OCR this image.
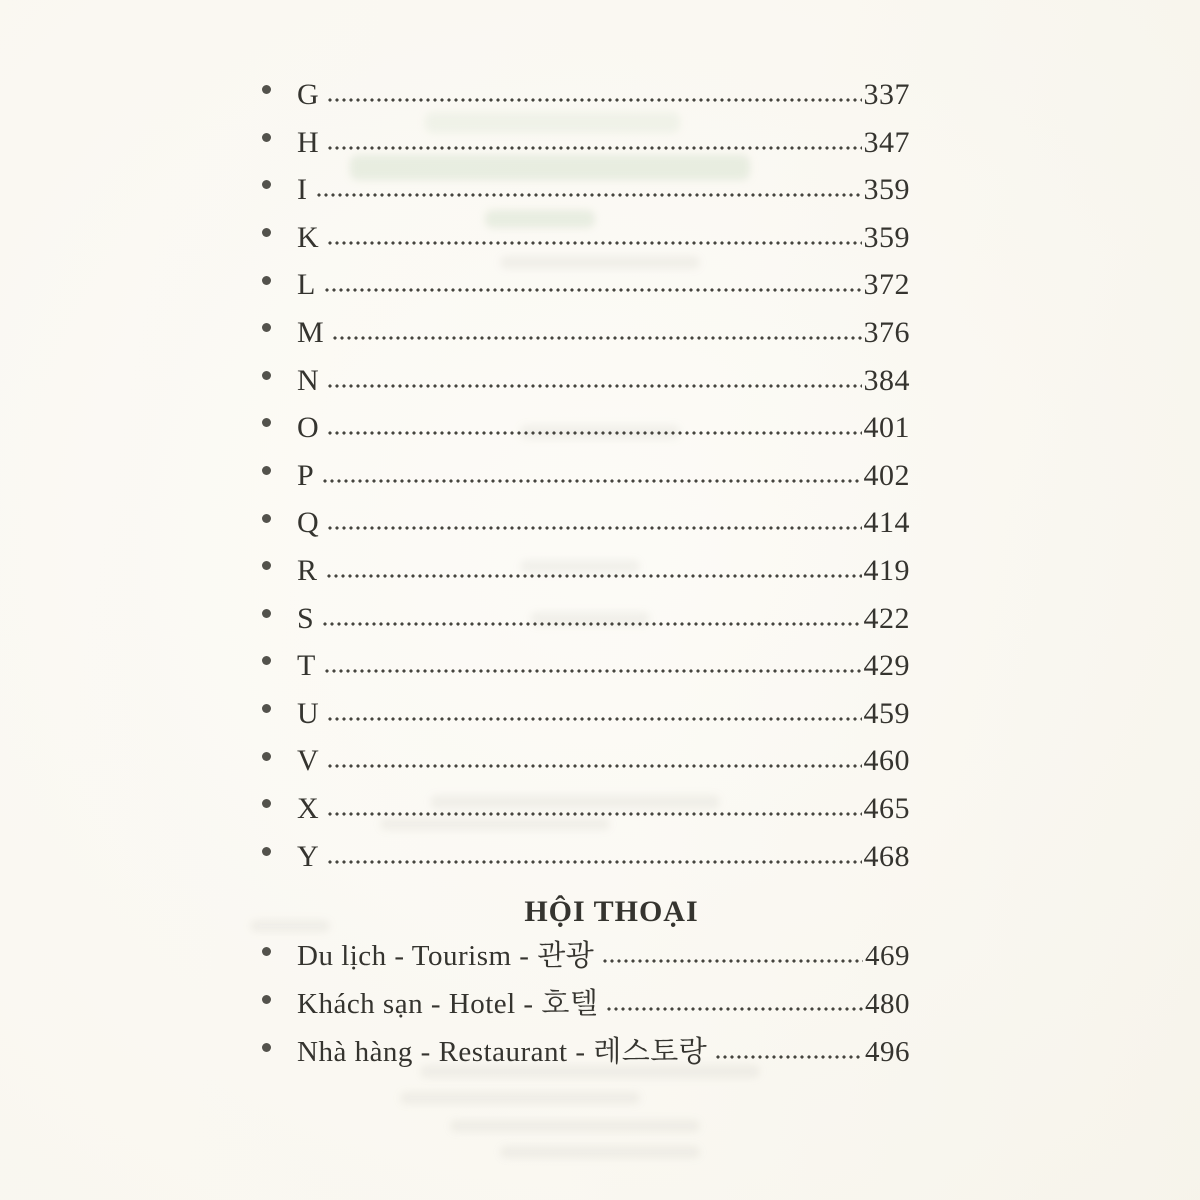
G	337
H	347
I	359
K	359
L	372
M	376
N	384
O	401
P	402
Q	414
R	419
S	422
T	429
U	459
V	460
X	465
Y	468
HỘI THOẠI
Du lịch - Tourism - 관광	469
Khách sạn - Hotel - 호텔	480
Nhà hàng - Restaurant - 레스토랑	496
